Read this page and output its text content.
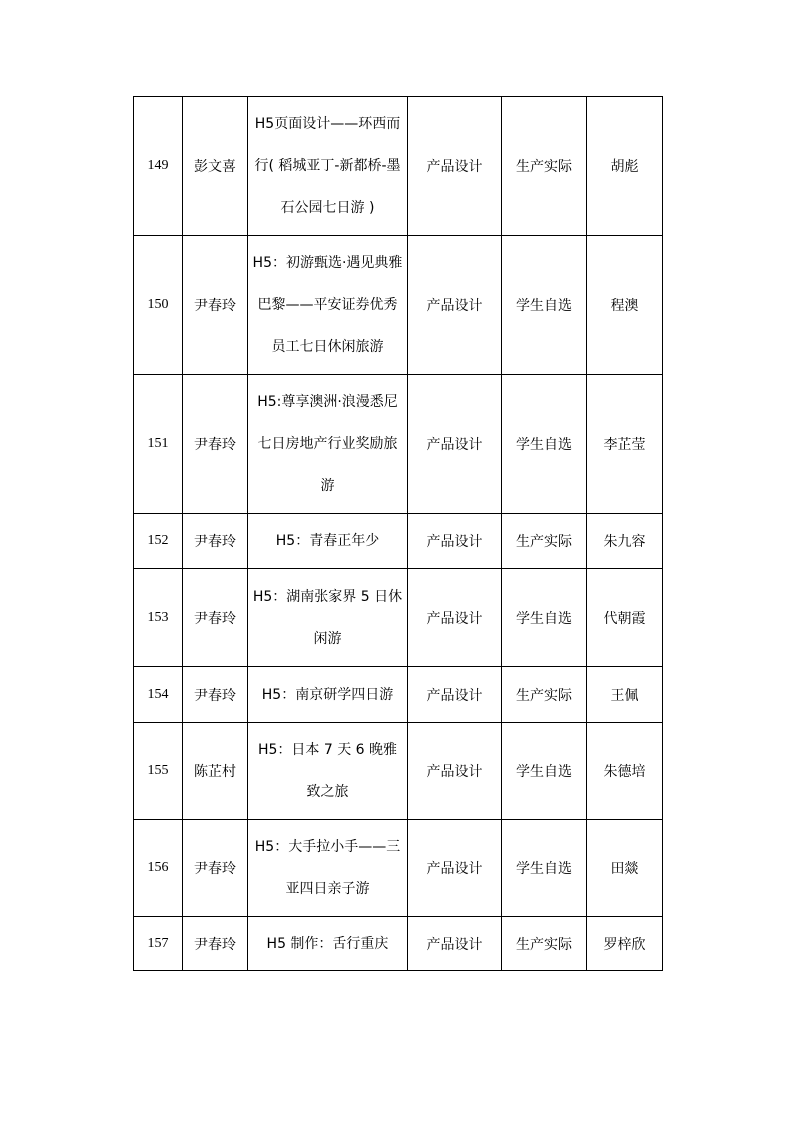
149	彭文喜	H5页面设计——环西而行( 稻城亚丁-新都桥-墨石公园七日游 )	产品设计	生产实际	胡彪
150	尹春玲	H5：初游甄选·遇见典雅巴黎——平安证券优秀员工七日休闲旅游	产品设计	学生自选	程澳
151	尹春玲	H5:尊享澳洲·浪漫悉尼七日房地产行业奖励旅游	产品设计	学生自选	李芷莹
152	尹春玲	H5：青春正年少	产品设计	生产实际	朱九容
153	尹春玲	H5：湖南张家界 5 日休闲游	产品设计	学生自选	代朝霞
154	尹春玲	H5：南京研学四日游	产品设计	生产实际	王佩
155	陈芷村	H5：日本 7 天 6 晚雅致之旅	产品设计	学生自选	朱德培
156	尹春玲	H5：大手拉小手——三亚四日亲子游	产品设计	学生自选	田燚
157	尹春玲	H5 制作：舌行重庆	产品设计	生产实际	罗梓欣
